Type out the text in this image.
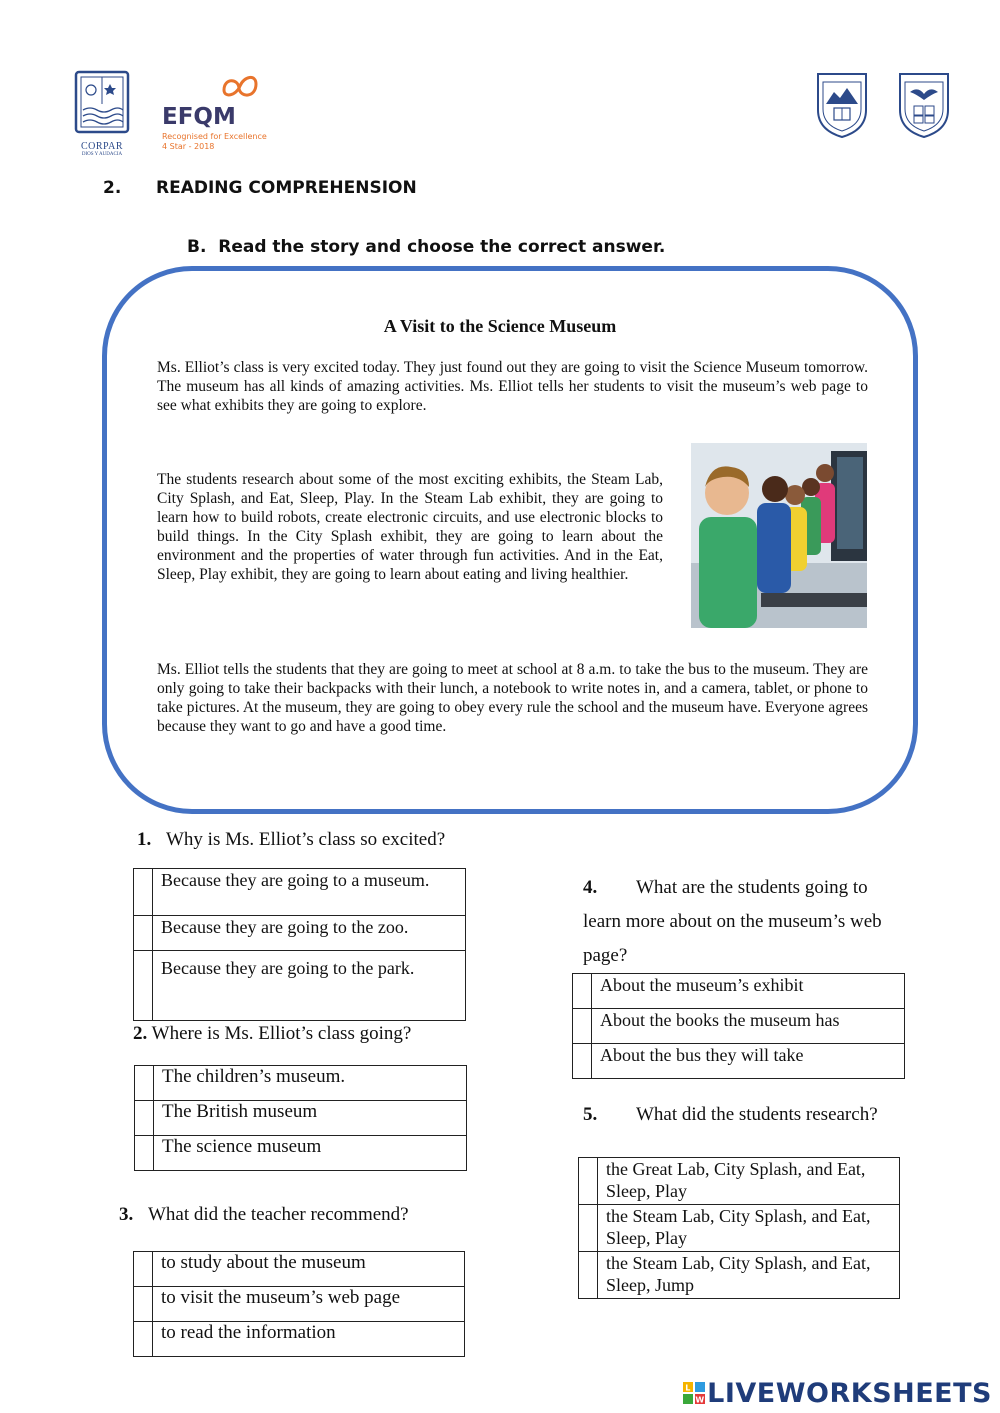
CORPAR
DIOS Y AUDACIA
EFQM
Recognised for Excellence
4 Star - 2018
2. READING COMPREHENSION
B.  Read the story and choose the correct answer.
A Visit to the Science Museum
Ms. Elliot’s class is very excited today. They just found out they are going to visit the Science Museum tomorrow. The museum has all kinds of amazing activities. Ms. Elliot tells her students to visit the museum’s web page to see what exhibits they are going to explore.
The students research about some of the most exciting exhibits, the Steam Lab, City Splash, and Eat, Sleep, Play. In the Steam Lab exhibit, they are going to learn how to build robots, create electronic circuits, and use electronic blocks to build things. In the City Splash exhibit, they are going to learn about the environment and the properties of water through fun activities. And in the Eat, Sleep, Play exhibit, they are going to learn about eating and living healthier.
Ms. Elliot tells the students that they are going to meet at school at 8 a.m. to take the bus to the museum. They are only going to take their backpacks with their lunch, a notebook to write notes in, and a camera, tablet, or phone to take pictures. At the museum, they are going to obey every rule the school and the museum have. Everyone agrees because they want to go and have a good time.
1. Why is Ms. Elliot’s class so excited?
	Because they are going to a museum.
	Because they are going to the zoo.
	Because they are going to the park.
2. Where is Ms. Elliot’s class going?
	The children’s museum.
	The British museum
	The science museum
3. What did the teacher recommend?
	to study about the museum
	to visit the museum’s web page
	to read the information
4. What are the students going to
learn more about on the museum’s web
page?
	About the museum’s exhibit
	About the books the museum has
	About the bus they will take
5. What did the students research?
	the Great Lab, City Splash, and Eat, Sleep, Play
	the Steam Lab, City Splash, and Eat, Sleep, Play
	the Steam Lab, City Splash, and Eat, Sleep, Jump
L
W LIVEWORKSHEETS
